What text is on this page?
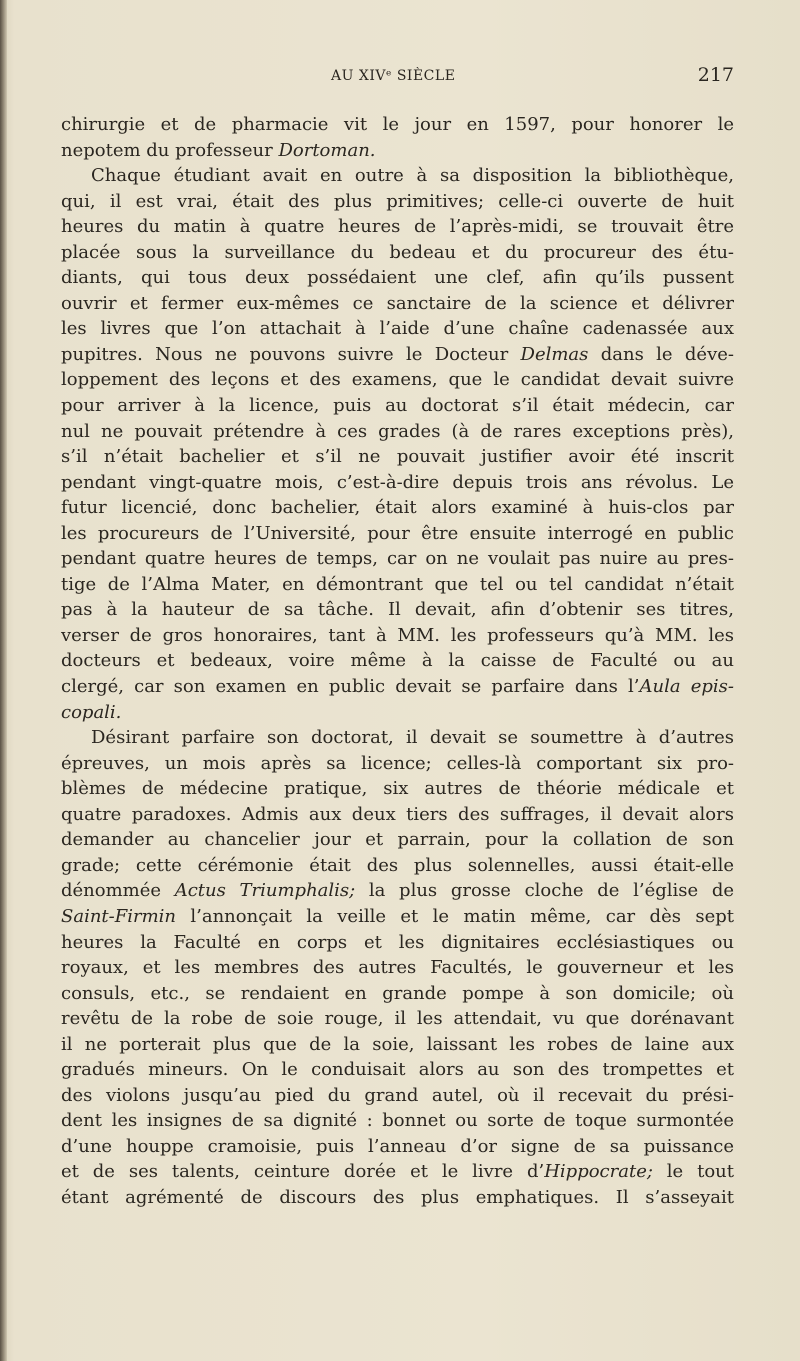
AU XIVᵉ SIÈCLE	217
chirurgie et de pharmacie vit le jour en 1597, pour honorer le
nepotem du professeur Dortoman.
Chaque étudiant avait en outre à sa disposition la bibliothèque,
qui, il est vrai, était des plus primitives; celle-ci ouverte de huit
heures du matin à quatre heures de l’après-midi, se trouvait être
placée sous la surveillance du bedeau et du procureur des étu-
diants, qui tous deux possédaient une clef, afin qu’ils pussent
ouvrir et fermer eux-mêmes ce sanctaire de la science et délivrer
les livres que l’on attachait à l’aide d’une chaîne cadenassée aux
pupitres. Nous ne pouvons suivre le Docteur Delmas dans le déve-
loppement des leçons et des examens, que le candidat devait suivre
pour arriver à la licence, puis au doctorat s’il était médecin, car
nul ne pouvait prétendre à ces grades (à de rares exceptions près),
s’il n’était bachelier et s’il ne pouvait justifier avoir été inscrit
pendant vingt-quatre mois, c’est-à-dire depuis trois ans révolus. Le
futur licencié, donc bachelier, était alors examiné à huis-clos par
les procureurs de l’Université, pour être ensuite interrogé en public
pendant quatre heures de temps, car on ne voulait pas nuire au pres-
tige de l’Alma Mater, en démontrant que tel ou tel candidat n’était
pas à la hauteur de sa tâche. Il devait, afin d’obtenir ses titres,
verser de gros honoraires, tant à MM. les professeurs qu’à MM. les
docteurs et bedeaux, voire même à la caisse de Faculté ou au
clergé, car son examen en public devait se parfaire dans l’Aula epis-
copali.
Désirant parfaire son doctorat, il devait se soumettre à d’autres
épreuves, un mois après sa licence; celles-là comportant six pro-
blèmes de médecine pratique, six autres de théorie médicale et
quatre paradoxes. Admis aux deux tiers des suffrages, il devait alors
demander au chancelier jour et parrain, pour la collation de son
grade; cette cérémonie était des plus solennelles, aussi était-elle
dénommée Actus Triumphalis; la plus grosse cloche de l’église de
Saint-Firmin l’annonçait la veille et le matin même, car dès sept
heures la Faculté en corps et les dignitaires ecclésiastiques ou
royaux, et les membres des autres Facultés, le gouverneur et les
consuls, etc., se rendaient en grande pompe à son domicile; où
revêtu de la robe de soie rouge, il les attendait, vu que dorénavant
il ne porterait plus que de la soie, laissant les robes de laine aux
gradués mineurs. On le conduisait alors au son des trompettes et
des violons jusqu’au pied du grand autel, où il recevait du prési-
dent les insignes de sa dignité : bonnet ou sorte de toque surmontée
d’une houppe cramoisie, puis l’anneau d’or signe de sa puissance
et de ses talents, ceinture dorée et le livre d’Hippocrate; le tout
étant agrémenté de discours des plus emphatiques. Il s’asseyait
